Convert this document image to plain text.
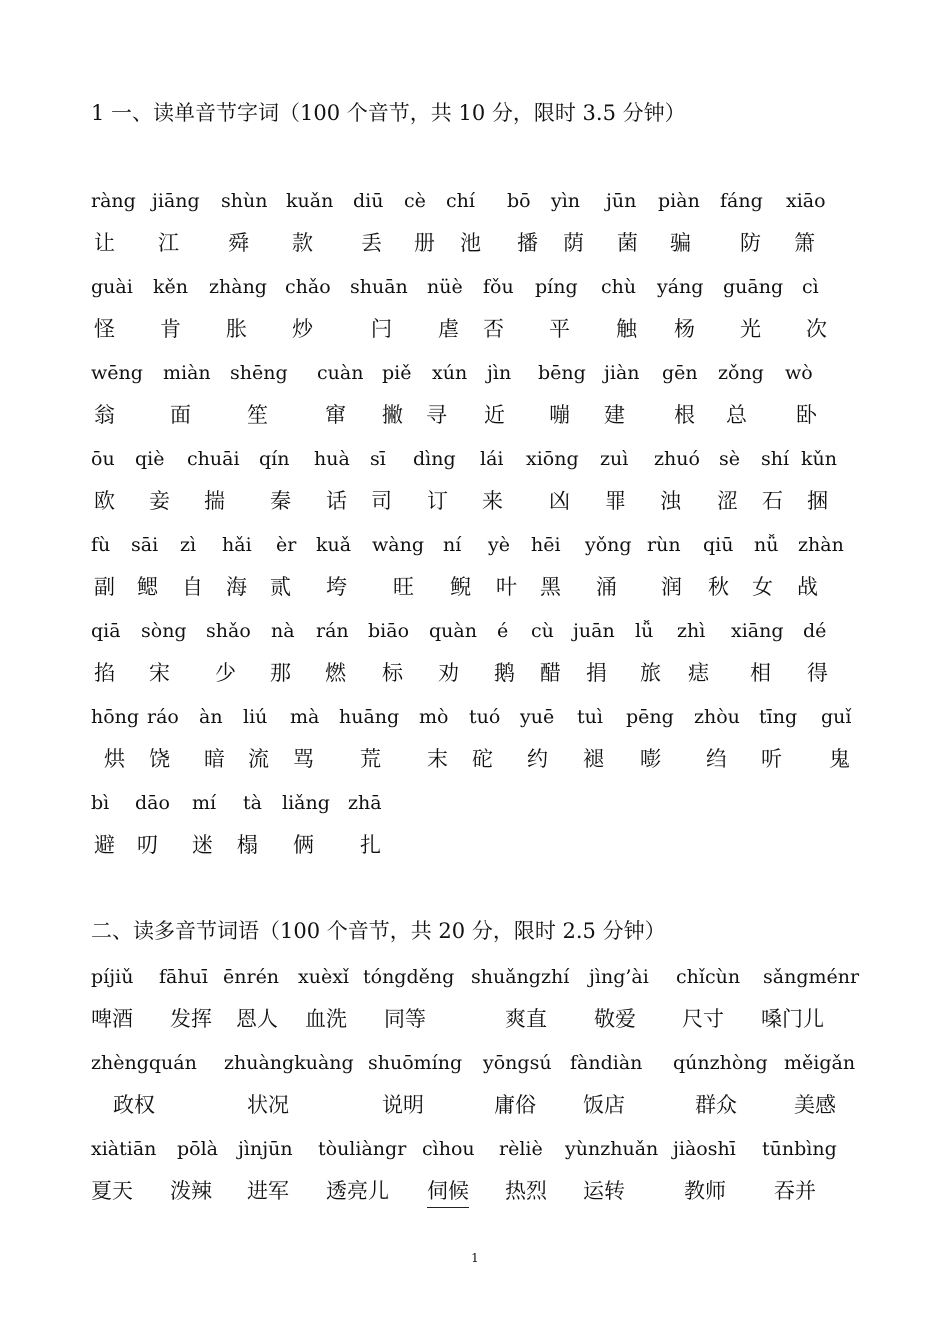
1 一、读单音节字词（100 个音节，共 10 分，限时 3.5 分钟）
ràng jiāng shùn kuǎn diū cè chí bō yìn jūn piàn fáng xiāo
让 江 舜 款 丢 册 池 播 荫 菌 骗 防 箫
guài kěn zhàng chǎo shuān nüè fǒu píng chù yáng guāng cì
怪 肯 胀 炒	闩 虐 否 平 触 杨 光 次
wēng miàn shēng cuàn piě xún jìn bēng jiàn gēn zǒng wò
翁	面	笙	窜 撇 寻 近 嘣 建 根 总 卧
ōu qiè chuāi qín huà sī dìng lái xiōng zuì zhuó sè shí kǔn
欧 妾 揣 秦 话 司 订 来 凶 罪 浊 涩 石 捆
fù sāi zì hǎi èr kuǎ wàng ní yè hēi yǒng rùn qiū nǚ zhàn
副 鳃 自 海 贰 垮 旺 鲵 叶 黑 涌 润 秋 女 战
qiā sòng shǎo nà rán biāo quàn é cù juān lǚ zhì xiāng dé
掐 宋 少 那 燃 标 劝 鹅 醋 捐 旅 痣 相 得
hōng ráo àn liú mà huāng mò tuó yuē tuì pēng zhòu tīng guǐ
烘 饶 暗 流 骂 荒 末 砣 约 褪 嘭 绉 听 鬼
bì dāo mí tà liǎng zhā
避 叨 迷 榻 俩 扎
二、读多音节词语（100 个音节，共 20 分，限时 2.5 分钟）
píjiǔ fāhuī ēnrén xuèxǐ tóngděng shuǎngzhí jìng’ài chǐcùn sǎngménr
啤酒 发挥 恩人 血洗 同等	爽直 敬爱 尺寸 嗓门儿
zhèngquán zhuàngkuàng shuōmíng yōngsú fàndiàn qúnzhòng měigǎn
政权	状况	说明	庸俗 饭店	群众	美感
xiàtiān pōlà jìnjūn tòuliàngr cìhou rèliè yùnzhuǎn jiàoshī tūnbìng
夏天 泼辣 进军 透亮儿 伺候 热烈 运转	教师 吞并
1
